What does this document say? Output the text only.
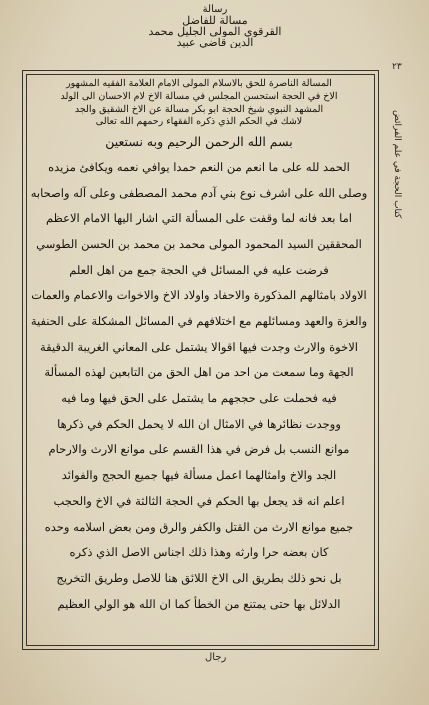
رسالة
مسألة للفاضل
القرقوي المولى الجليل محمد
الدين قاضي عبيد
٢٣
كتاب الحجة في علم الفرائض
المسألة الناصرة للحق بالاسلام المولى الامام العلامة الفقيه المشهور
الاخ في الحجة استحسن المجلس في مسألة الاخ لام الاحسان الى الولد
المشهد النبوي شيخ الحجة ابو بكر مسألة عن الاخ الشقيق والجد
لاشك في الحكم الذي ذكره الفقهاء رحمهم الله تعالى
بسم الله الرحمن الرحيم وبه نستعين
الحمد لله على ما انعم من النعم حمدا يوافي نعمه ويكافئ مزيده
وصلى الله على اشرف نوع بني آدم محمد المصطفى وعلى آله واصحابه
اما بعد فانه لما وقفت على المسألة التي اشار اليها الامام الاعظم
المحققين السيد المحمود المولى محمد بن محمد بن الحسن الطوسي
فرضت عليه في المسائل في الحجة جمع من اهل العلم
الاولاد بامثالهم المذكورة والاحفاد واولاد الاخ والاخوات والاعمام والعمات
والعزة والعهد ومسائلهم مع اختلافهم في المسائل المشكلة على الحنفية
الاخوة والارث وجدت فيها اقوالا يشتمل على المعاني الغريبة الدقيقة
الجهة وما سمعت من احد من اهل الحق من التابعين لهذه المسألة
فيه فحملت على حججهم ما يشتمل على الحق فيها وما فيه
ووجدت نظائرها في الامثال ان الله لا يحمل الحكم في ذكرها
موانع النسب بل فرض في هذا القسم على موانع الارث والارحام
الجد والاخ وامثالهما اعمل مسألة فيها جميع الحجج والفوائد
اعلم انه قد يجعل بها الحكم في الحجة الثالثة في الاخ والحجب
جميع موانع الارث من القتل والكفر والرق ومن بعض اسلامه وحده
كان بعضه حرا وارثه وهذا ذلك اجناس الاصل الذي ذكره
بل نحو ذلك بطريق الى الاخ اللائق هنا للاصل وطريق التخريج
الدلائل بها حتى يمتنع من الخطأ كما ان الله هو الولي العظيم
رجال
